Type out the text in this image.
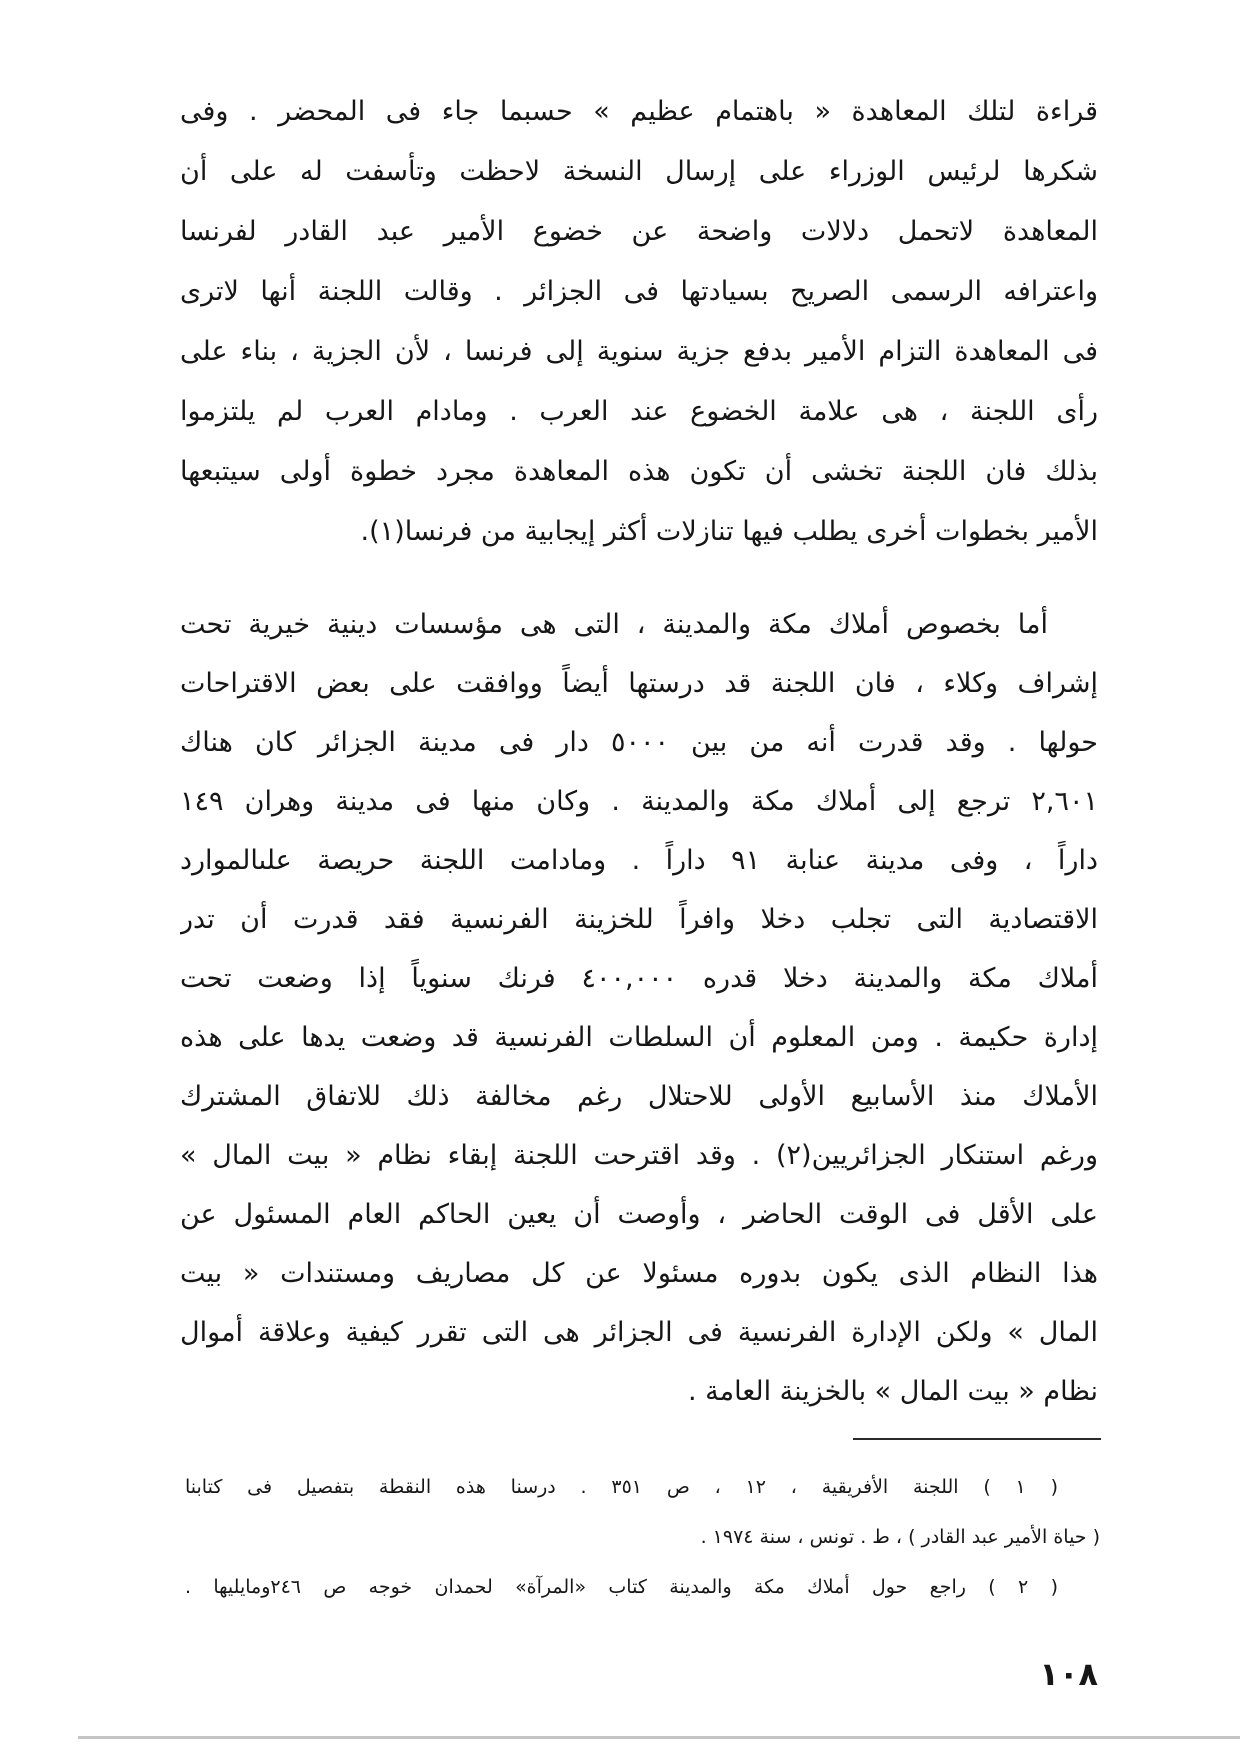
قراءة لتلك المعاهدة « باهتمام عظيم » حسبما جاء فى المحضر . وفى
شكرها لرئيس الوزراء على إرسال النسخة لاحظت وتأسفت له على أن
المعاهدة لاتحمل دلالات واضحة عن خضوع الأمير عبد القادر لفرنسا
واعترافه الرسمى الصريح بسيادتها فى الجزائر . وقالت اللجنة أنها لاترى
فى المعاهدة التزام الأمير بدفع جزية سنوية إلى فرنسا ، لأن الجزية ، بناء على
رأى اللجنة ، هى علامة الخضوع عند العرب . ومادام العرب لم يلتزموا
بذلك فان اللجنة تخشى أن تكون هذه المعاهدة مجرد خطوة أولى سيتبعها
الأمير بخطوات أخرى يطلب فيها تنازلات أكثر إيجابية من فرنسا(١).
أما بخصوص أملاك مكة والمدينة ، التى هى مؤسسات دينية خيرية تحت
إشراف وكلاء ، فان اللجنة قد درستها أيضاً ووافقت على بعض الاقتراحات
حولها . وقد قدرت أنه من بين ٥٠٠٠ دار فى مدينة الجزائر كان هناك
٢,٦٠١ ترجع إلى أملاك مكة والمدينة . وكان منها فى مدينة وهران ١٤٩
داراً ، وفى مدينة عنابة ٩١ داراً . ومادامت اللجنة حريصة علىالموارد
الاقتصادية التى تجلب دخلا وافراً للخزينة الفرنسية فقد قدرت أن تدر
أملاك مكة والمدينة دخلا قدره ٤٠٠,٠٠٠ فرنك سنوياً إذا وضعت تحت
إدارة حكيمة . ومن المعلوم أن السلطات الفرنسية قد وضعت يدها على هذه
الأملاك منذ الأسابيع الأولى للاحتلال رغم مخالفة ذلك للاتفاق المشترك
ورغم استنكار الجزائريين(٢) . وقد اقترحت اللجنة إبقاء نظام « بيت المال »
على الأقل فى الوقت الحاضر ، وأوصت أن يعين الحاكم العام المسئول عن
هذا النظام الذى يكون بدوره مسئولا عن كل مصاريف ومستندات « بيت
المال » ولكن الإدارة الفرنسية فى الجزائر هى التى تقرر كيفية وعلاقة أموال
نظام « بيت المال » بالخزينة العامة .
( ١ ) اللجنة الأفريقية ، ١٢ ، ص ٣٥١ . درسنا هذه النقطة بتفصيل فى كتابنا
( حياة الأمير عبد القادر ) ، ط . تونس ، سنة ١٩٧٤ .
( ٢ ) راجع حول أملاك مكة والمدينة كتاب «المرآة» لحمدان خوجه ص ٢٤٦ومايليها .
١٠٨
